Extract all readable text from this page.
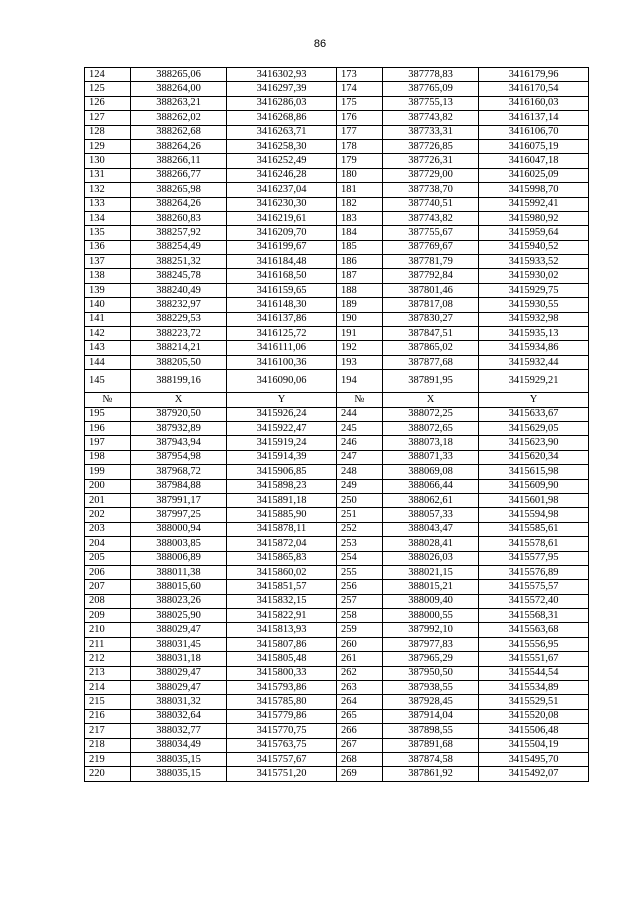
86
124	388265,06	3416302,93	173	387778,83	3416179,96
125	388264,00	3416297,39	174	387765,09	3416170,54
126	388263,21	3416286,03	175	387755,13	3416160,03
127	388262,02	3416268,86	176	387743,82	3416137,14
128	388262,68	3416263,71	177	387733,31	3416106,70
129	388264,26	3416258,30	178	387726,85	3416075,19
130	388266,11	3416252,49	179	387726,31	3416047,18
131	388266,77	3416246,28	180	387729,00	3416025,09
132	388265,98	3416237,04	181	387738,70	3415998,70
133	388264,26	3416230,30	182	387740,51	3415992,41
134	388260,83	3416219,61	183	387743,82	3415980,92
135	388257,92	3416209,70	184	387755,67	3415959,64
136	388254,49	3416199,67	185	387769,67	3415940,52
137	388251,32	3416184,48	186	387781,79	3415933,52
138	388245,78	3416168,50	187	387792,84	3415930,02
139	388240,49	3416159,65	188	387801,46	3415929,75
140	388232,97	3416148,30	189	387817,08	3415930,55
141	388229,53	3416137,86	190	387830,27	3415932,98
142	388223,72	3416125,72	191	387847,51	3415935,13
143	388214,21	3416111,06	192	387865,02	3415934,86
144	388205,50	3416100,36	193	387877,68	3415932,44
145	388199,16	3416090,06	194	387891,95	3415929,21
№	X	Y	№	X	Y
195	387920,50	3415926,24	244	388072,25	3415633,67
196	387932,89	3415922,47	245	388072,65	3415629,05
197	387943,94	3415919,24	246	388073,18	3415623,90
198	387954,98	3415914,39	247	388071,33	3415620,34
199	387968,72	3415906,85	248	388069,08	3415615,98
200	387984,88	3415898,23	249	388066,44	3415609,90
201	387991,17	3415891,18	250	388062,61	3415601,98
202	387997,25	3415885,90	251	388057,33	3415594,98
203	388000,94	3415878,11	252	388043,47	3415585,61
204	388003,85	3415872,04	253	388028,41	3415578,61
205	388006,89	3415865,83	254	388026,03	3415577,95
206	388011,38	3415860,02	255	388021,15	3415576,89
207	388015,60	3415851,57	256	388015,21	3415575,57
208	388023,26	3415832,15	257	388009,40	3415572,40
209	388025,90	3415822,91	258	388000,55	3415568,31
210	388029,47	3415813,93	259	387992,10	3415563,68
211	388031,45	3415807,86	260	387977,83	3415556,95
212	388031,18	3415805,48	261	387965,29	3415551,67
213	388029,47	3415800,33	262	387950,50	3415544,54
214	388029,47	3415793,86	263	387938,55	3415534,89
215	388031,32	3415785,80	264	387928,45	3415529,51
216	388032,64	3415779,86	265	387914,04	3415520,08
217	388032,77	3415770,75	266	387898,55	3415506,48
218	388034,49	3415763,75	267	387891,68	3415504,19
219	388035,15	3415757,67	268	387874,58	3415495,70
220	388035,15	3415751,20	269	387861,92	3415492,07
